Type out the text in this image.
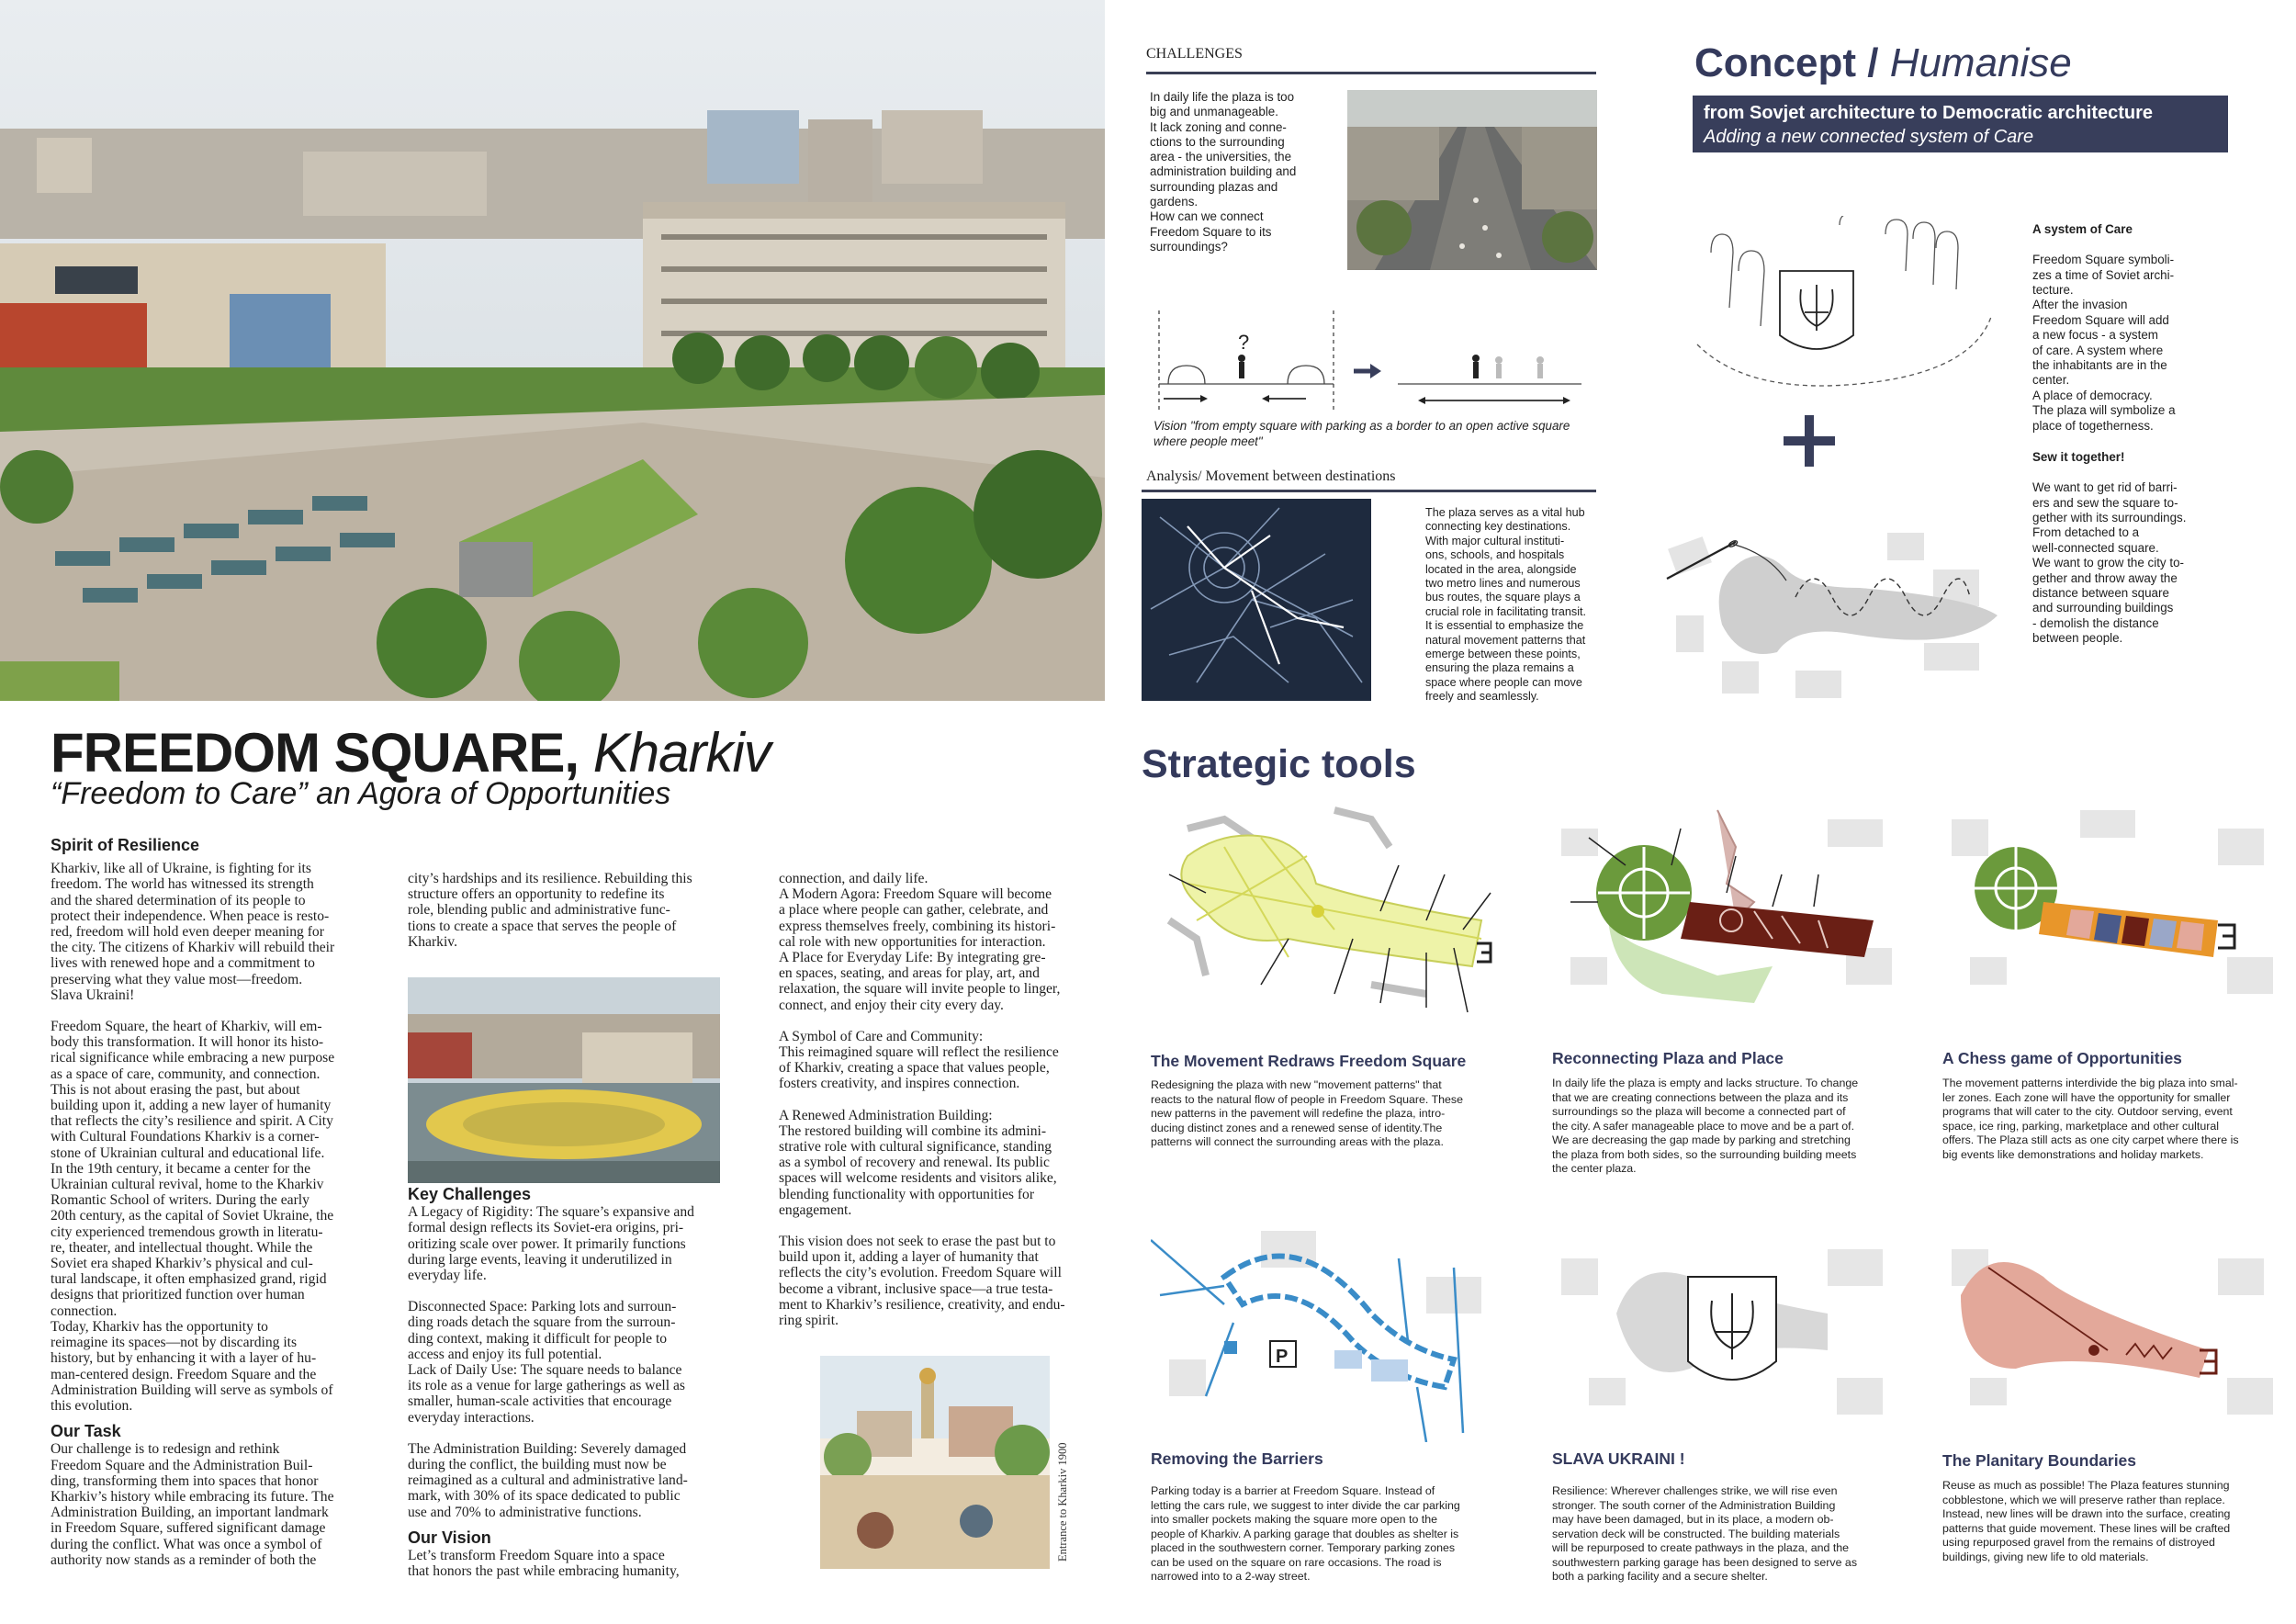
FREEDOM SQUARE, Kharkiv
“Freedom to Care” an Agora of Opportunities
Spirit of Resilience

Kharkiv, like all of Ukraine, is fighting for its
freedom. The world has witnessed its strength
and the shared determination of its people to
protect their independence. When peace is resto-
red, freedom will hold even deeper meaning for
the city. The citizens of Kharkiv will rebuild their
lives with renewed hope and a commitment to
preserving what they value most—freedom.
Slava Ukraini!

Freedom Square, the heart of Kharkiv, will em-
body this transformation. It will honor its histo-
rical significance while embracing a new purpose
as a space of care, community, and connection.
This is not about erasing the past, but about
building upon it, adding a new layer of humanity
that reflects the city’s resilience and spirit. A City
with Cultural Foundations Kharkiv is a corner-
stone of Ukrainian cultural and educational life.
In the 19th century, it became a center for the
Ukrainian cultural revival, home to the Kharkiv
Romantic School of writers. During the early
20th century, as the capital of Soviet Ukraine, the
city experienced tremendous growth in literatu-
re, theater, and intellectual thought. While the
Soviet era shaped Kharkiv’s physical and cul-
tural landscape, it often emphasized grand, rigid
designs that prioritized function over human
connection.
Today, Kharkiv has the opportunity to
reimagine its spaces—not by discarding its
history, but by enhancing it with a layer of hu-
man-centered design. Freedom Square and the
Administration Building will serve as symbols of
this evolution.

Our Task

Our challenge is to redesign and rethink
Freedom Square and the Administration Buil-
ding, transforming them into spaces that honor
Kharkiv’s history while embracing its future. The
Administration Building, an important landmark
in Freedom Square, suffered significant damage
during the conflict. What was once a symbol of
authority now stands as a reminder of both the

city’s hardships and its resilience. Rebuilding this
structure offers an opportunity to redefine its
role, blending public and administrative func-
tions to create a space that serves the people of
Kharkiv.

Key Challenges

A Legacy of Rigidity: The square’s expansive and
formal design reflects its Soviet-era origins, pri-
oritizing scale over power. It primarily functions
during large events, leaving it underutilized in
everyday life.

Disconnected Space: Parking lots and surroun-
ding roads detach the square from the surroun-
ding context, making it difficult for people to
access and enjoy its full potential.
Lack of Daily Use: The square needs to balance
its role as a venue for large gatherings as well as
smaller, human-scale activities that encourage
everyday interactions.

The Administration Building: Severely damaged
during the conflict, the building must now be
reimagined as a cultural and administrative land-
mark, with 30% of its space dedicated to public
use and 70% to administrative functions.

Our Vision

Let’s transform Freedom Square into a space
that honors the past while embracing humanity,

connection, and daily life.
A Modern Agora: Freedom Square will become
a place where people can gather, celebrate, and
express themselves freely, combining its histori-
cal role with new opportunities for interaction.
A Place for Everyday Life: By integrating gre-
en spaces, seating, and areas for play, art, and
relaxation, the square will invite people to linger,
connect, and enjoy their city every day.

A Symbol of Care and Community:
This reimagined square will reflect the resilience
of Kharkiv, creating a space that values people,
fosters creativity, and inspires connection.

A Renewed Administration Building:
The restored building will combine its admini-
strative role with cultural significance, standing
as a symbol of recovery and renewal. Its public
spaces will welcome residents and visitors alike,
blending functionality with opportunities for
engagement.

This vision does not seek to erase the past but to
build upon it, adding a layer of humanity that
reflects the city’s evolution. Freedom Square will
become a vibrant, inclusive space—a true testa-
ment to Kharkiv’s resilience, creativity, and endu-
ring spirit.

Entrance to Kharkiv 1900
CHALLENGES
In daily life the plaza is too
big and unmanageable.
It lack zoning and conne-
ctions to the surrounding
area - the universities, the
administration building and
surrounding plazas and
gardens.
How can we connect
Freedom Square to its
surroundings?
?
Vision "from empty square with parking as a border to an open active square
where people meet"
Analysis/ Movement between destinations
The plaza serves as a vital hub
connecting key destinations.
With major cultural instituti-
ons, schools, and hospitals
located in the area, alongside
two metro lines and numerous
bus routes, the square plays a
crucial role in facilitating transit.
It is essential to emphasize the
natural movement patterns that
emerge between these points,
ensuring the plaza remains a
space where people can move
freely and seamlessly.
Concept / Humanise
from Sovjet architecture to Democratic architecture
Adding a new connected system of Care

A system of Care

Freedom Square symboli-
zes a time of Soviet archi-
tecture.
After the invasion
Freedom Square will add
a new focus - a system
of care. A system where
the inhabitants are in the
center.
A place of democracy.
The plaza will symbolize a
place of togetherness.

Sew it together!

We want to get rid of barri-
ers and sew the square to-
gether with its surroundings.
From detached to a
well-connected square.
We want to grow the city to-
gether and throw away the
distance between square
and surrounding buildings
- demolish the distance
between people.

Strategic tools
The Movement Redraws Freedom Square
Redesigning the plaza with new "movement patterns" that
reacts to the natural flow of people in Freedom Square. These
new patterns in the pavement will redefine the plaza, intro-
ducing distinct zones and a renewed sense of identity.The
patterns will connect the surrounding areas with the plaza.
Reconnecting Plaza and Place
In daily life the plaza is empty and lacks structure. To change
that we are creating connections between the plaza and its
surroundings so the plaza will become a connected part of
the city. A safer manageable place to move and be a part of.
We are decreasing the gap made by parking and stretching
the plaza from both sides, so the surrounding building meets
the center plaza.
A Chess game of Opportunities
The movement patterns interdivide the big plaza into smal-
ler zones. Each zone will have the opportunity for smaller
programs that will cater to the city. Outdoor serving, event
space, ice ring, parking, marketplace and other cultural
offers. The Plaza still acts as one city carpet where there is
big events like demonstrations and holiday markets.
P
Removing the Barriers
Parking today is a barrier at Freedom Square. Instead of
letting the cars rule, we suggest to inter divide the car parking
into smaller pockets making the square more open to the
people of Kharkiv. A parking garage that doubles as shelter is
placed in the southwestern corner. Temporary parking zones
can be used on the square on rare occasions. The road is
narrowed into to a 2-way street.
SLAVA UKRAINI !
Resilience: Wherever challenges strike, we will rise even
stronger. The south corner of the Administration Building
may have been damaged, but in its place, a modern ob-
servation deck will be constructed. The building materials
will be repurposed to create pathways in the plaza, and the
southwestern parking garage has been designed to serve as
both a parking facility and a secure shelter.
The Planitary Boundaries
Reuse as much as possible! The Plaza features stunning
cobblestone, which we will preserve rather than replace.
Instead, new lines will be drawn into the surface, creating
patterns that guide movement. These lines will be crafted
using repurposed gravel from the remains of distroyed
buildings, giving new life to old materials.
